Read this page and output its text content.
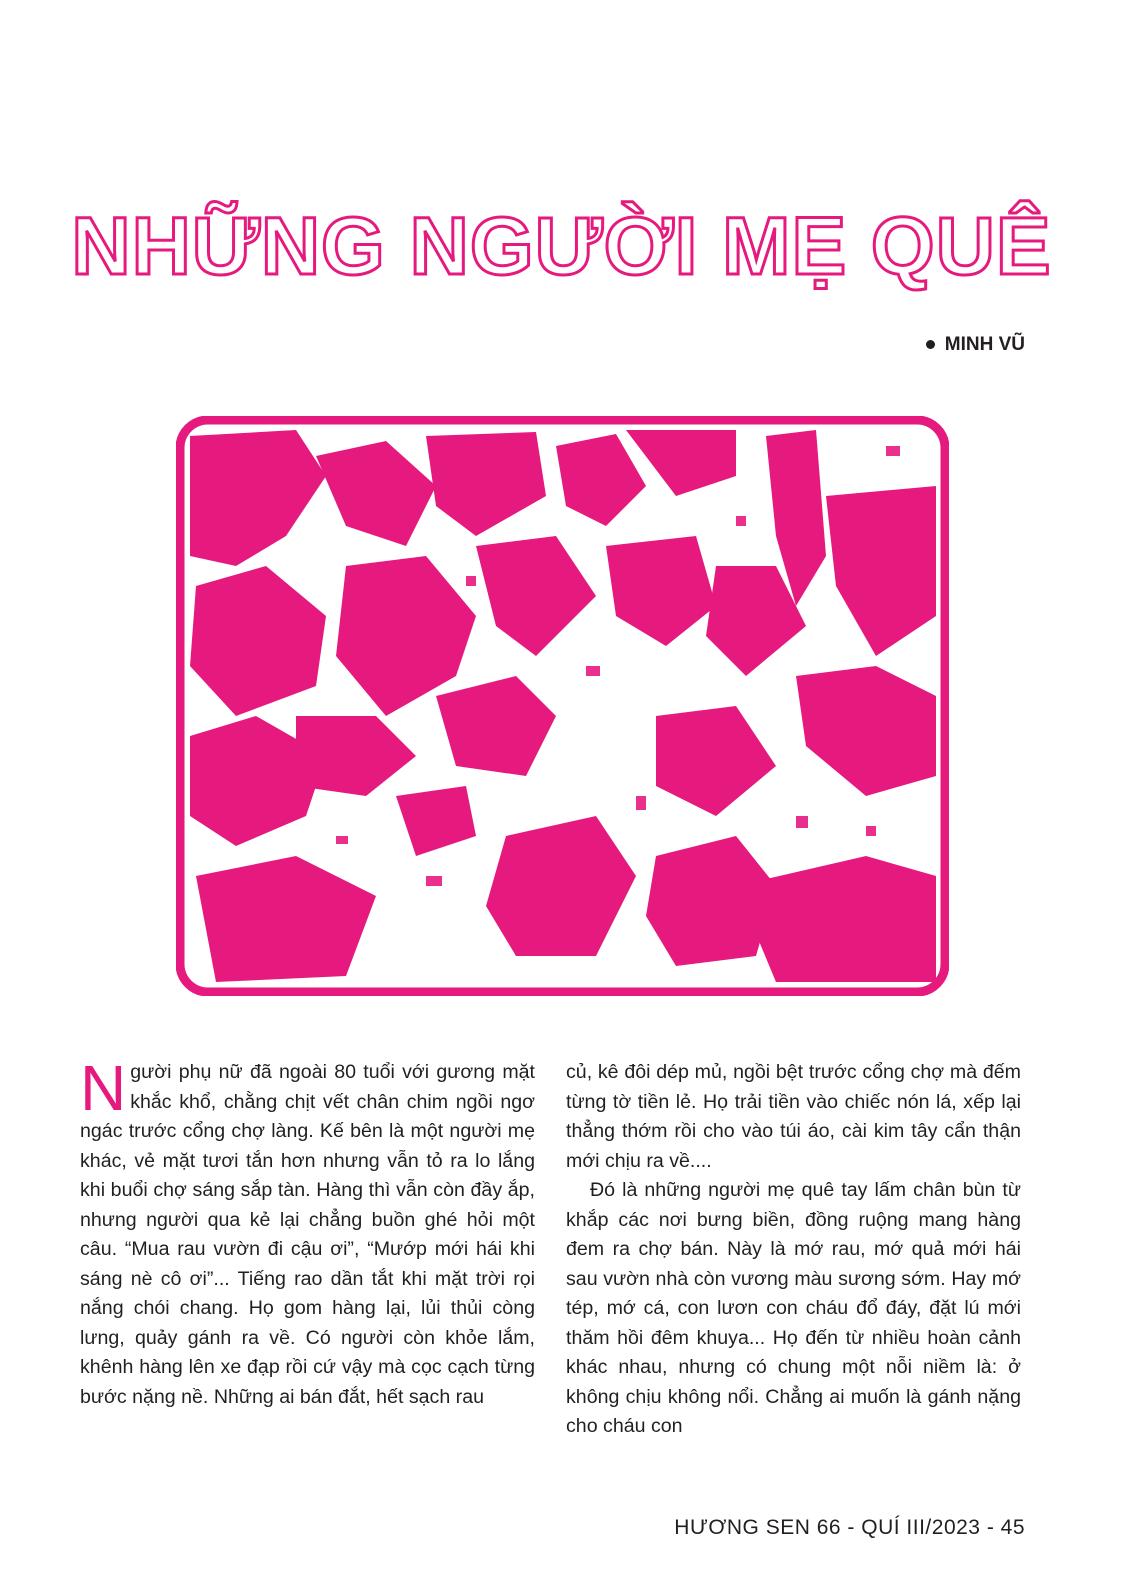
NHỮNG NGƯỜI MẸ QUÊ
MINH VŨ

Người phụ nữ đã ngoài 80 tuổi với gương mặt khắc khổ, chằng chịt vết chân chim ngồi ngơ ngác trước cổng chợ làng. Kế bên là một người mẹ khác, vẻ mặt tươi tắn hơn nhưng vẫn tỏ ra lo lắng khi buổi chợ sáng sắp tàn. Hàng thì vẫn còn đầy ắp, nhưng người qua kẻ lại chẳng buồn ghé hỏi một câu. “Mua rau vườn đi cậu ơi”, “Mướp mới hái khi sáng nè cô ơi”... Tiếng rao dần tắt khi mặt trời rọi nắng chói chang. Họ gom hàng lại, lủi thủi còng lưng, quảy gánh ra về. Có người còn khỏe lắm, khênh hàng lên xe đạp rồi cứ vậy mà cọc cạch từng bước nặng nề. Những ai bán đắt, hết sạch rau

củ, kê đôi dép mủ, ngồi bệt trước cổng chợ mà đếm từng tờ tiền lẻ. Họ trải tiền vào chiếc nón lá, xếp lại thẳng thớm rồi cho vào túi áo, cài kim tây cẩn thận mới chịu ra về....

Đó là những người mẹ quê tay lấm chân bùn từ khắp các nơi bưng biền, đồng ruộng mang hàng đem ra chợ bán. Này là mớ rau, mớ quả mới hái sau vườn nhà còn vương màu sương sớm. Hay mớ tép, mớ cá, con lươn con cháu đổ đáy, đặt lú mới thăm hồi đêm khuya... Họ đến từ nhiều hoàn cảnh khác nhau, nhưng có chung một nỗi niềm là: ở không chịu không nổi. Chẳng ai muốn là gánh nặng cho cháu con

HƯƠNG SEN 66 - QUÍ III/2023 - 45
